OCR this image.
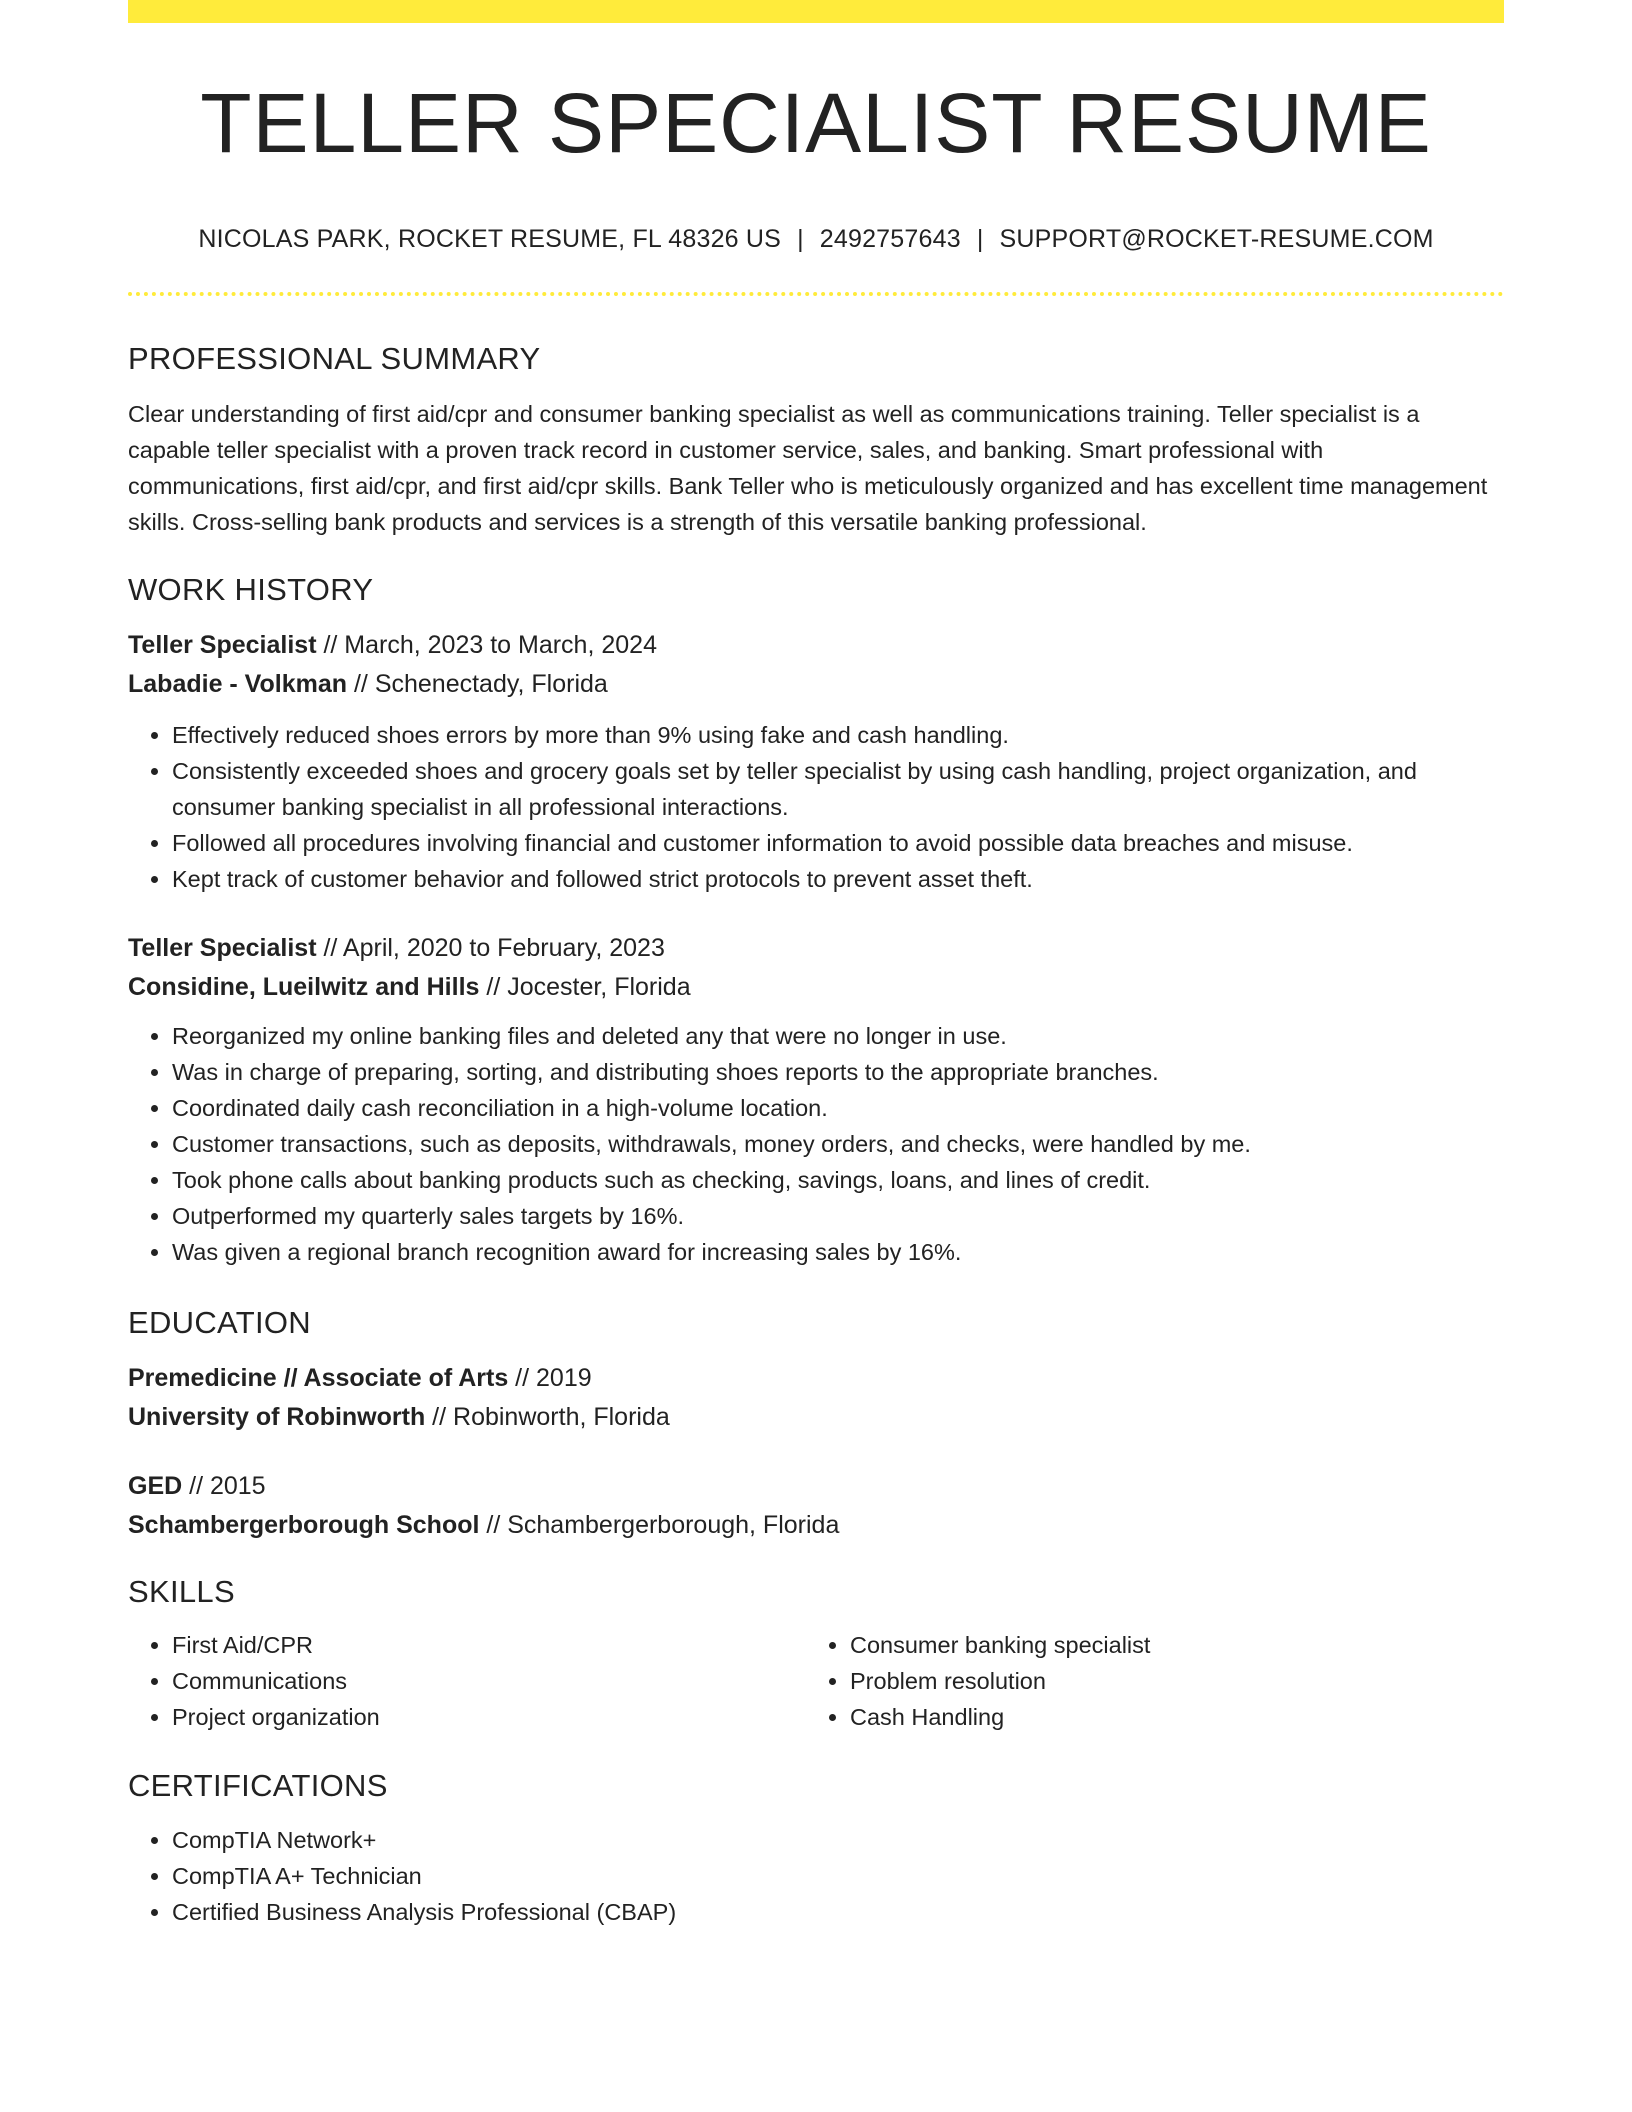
TELLER SPECIALIST RESUME
NICOLAS PARK, ROCKET RESUME, FL 48326 US | 2492757643 | SUPPORT@ROCKET-RESUME.COM
PROFESSIONAL SUMMARY

Clear understanding of first aid/cpr and consumer banking specialist as well as communications training. Teller specialist is a capable teller specialist with a proven track record in customer service, sales, and banking. Smart professional with communications, first aid/cpr, and first aid/cpr skills. Bank Teller who is meticulously organized and has excellent time management skills. Cross-selling bank products and services is a strength of this versatile banking professional.

WORK HISTORY

Teller Specialist // March, 2023 to March, 2024

Labadie - Volkman // Schenectady, Florida

• Effectively reduced shoes errors by more than 9% using fake and cash handling.
• Consistently exceeded shoes and grocery goals set by teller specialist by using cash handling, project organization, and consumer banking specialist in all professional interactions.
• Followed all procedures involving financial and customer information to avoid possible data breaches and misuse.
• Kept track of customer behavior and followed strict protocols to prevent asset theft.

Teller Specialist // April, 2020 to February, 2023

Considine, Lueilwitz and Hills // Jocester, Florida

• Reorganized my online banking files and deleted any that were no longer in use.
• Was in charge of preparing, sorting, and distributing shoes reports to the appropriate branches.
• Coordinated daily cash reconciliation in a high-volume location.
• Customer transactions, such as deposits, withdrawals, money orders, and checks, were handled by me.
• Took phone calls about banking products such as checking, savings, loans, and lines of credit.
• Outperformed my quarterly sales targets by 16%.
• Was given a regional branch recognition award for increasing sales by 16%.
EDUCATION

Premedicine // Associate of Arts // 2019

University of Robinworth // Robinworth, Florida

GED // 2015

Schambergerborough School // Schambergerborough, Florida

SKILLS
• First Aid/CPR
• Communications
• Project organization
• Consumer banking specialist
• Problem resolution
• Cash Handling
CERTIFICATIONS
• CompTIA Network+
• CompTIA A+ Technician
• Certified Business Analysis Professional (CBAP)
